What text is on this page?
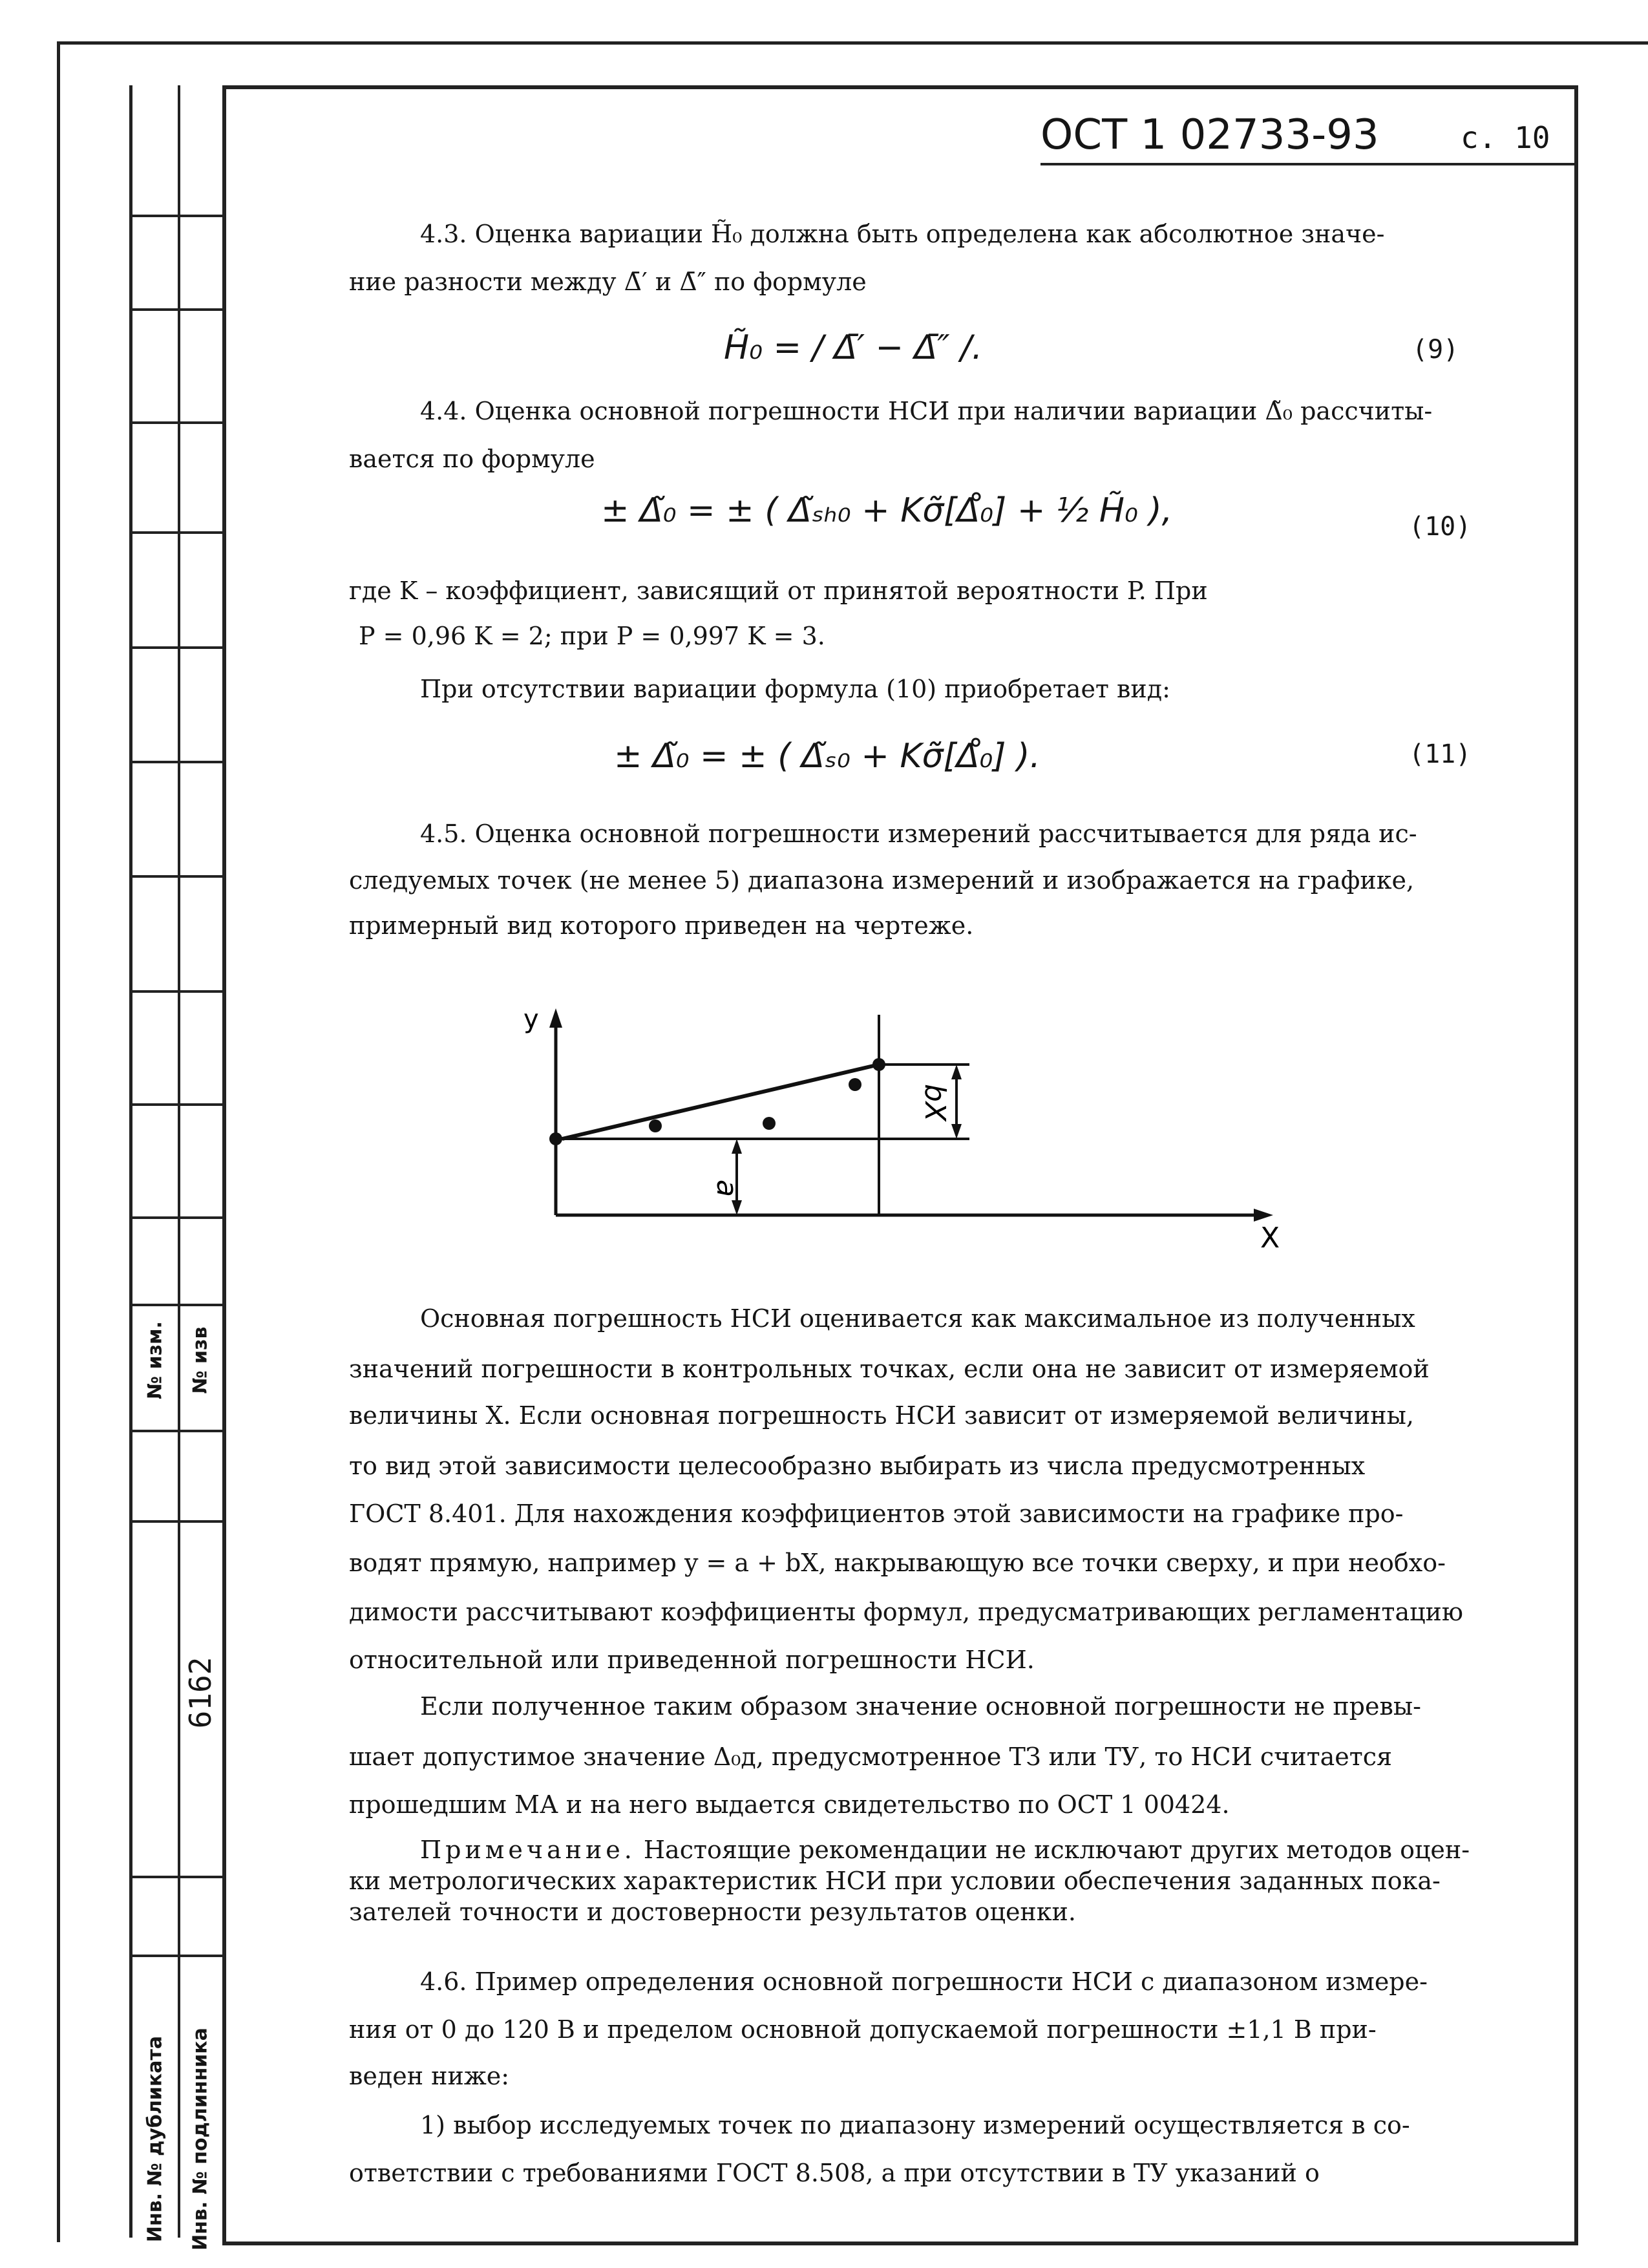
№ изм. № изв
6162
Инв. № дубликата Инв. № подлинника
ОСТ 1 02733-93	с. 10
4.3. Оценка вариации H̃₀ должна быть определена как абсолютное значе-
ние разности между Δ̄′ и Δ̄″ по формуле
H̃₀ = / Δ̄′ − Δ̄″ /.	(9)
4.4. Оценка основной погрешности НСИ при наличии вариации Δ̃₀ рассчиты-
вается по формуле
± Δ̃₀ = ± ( Δ̃ₛₕ₀ + Kσ̃[Δ̊₀] + ½ H̃₀ ),	(10)
где K – коэффициент, зависящий от принятой вероятности P. При
P = 0,96 K = 2; при P = 0,997 K = 3.
При отсутствии вариации формула (10) приобретает вид:
± Δ̃₀ = ± ( Δ̃ₛ₀ + Kσ̃[Δ̊₀] ).	(11)
4.5. Оценка основной погрешности измерений рассчитывается для ряда ис-
следуемых точек (не менее 5) диапазона измерений и изображается на графике,
примерный вид которого приведен на чертеже.
y
X
a
bX
Основная погрешность НСИ оценивается как максимальное из полученных
значений погрешности в контрольных точках, если она не зависит от измеряемой
величины X. Если основная погрешность НСИ зависит от измеряемой величины,
то вид этой зависимости целесообразно выбирать из числа предусмотренных
ГОСТ 8.401. Для нахождения коэффициентов этой зависимости на графике про-
водят прямую, например y = a + bX, накрывающую все точки сверху, и при необхо-
димости рассчитывают коэффициенты формул, предусматривающих регламентацию
относительной или приведенной погрешности НСИ.
Если полученное таким образом значение основной погрешности не превы-
шает допустимое значение Δ₀д, предусмотренное ТЗ или ТУ, то НСИ считается
прошедшим МА и на него выдается свидетельство по ОСТ 1 00424.
Примечание. Настоящие рекомендации не исключают других методов оцен-
ки метрологических характеристик НСИ при условии обеспечения заданных пока-
зателей точности и достоверности результатов оценки.
4.6. Пример определения основной погрешности НСИ с диапазоном измере-
ния от 0 до 120 В и пределом основной допускаемой погрешности ±1,1 В при-
веден ниже:
1) выбор исследуемых точек по диапазону измерений осуществляется в со-
ответствии с требованиями ГОСТ 8.508, а при отсутствии в ТУ указаний о
